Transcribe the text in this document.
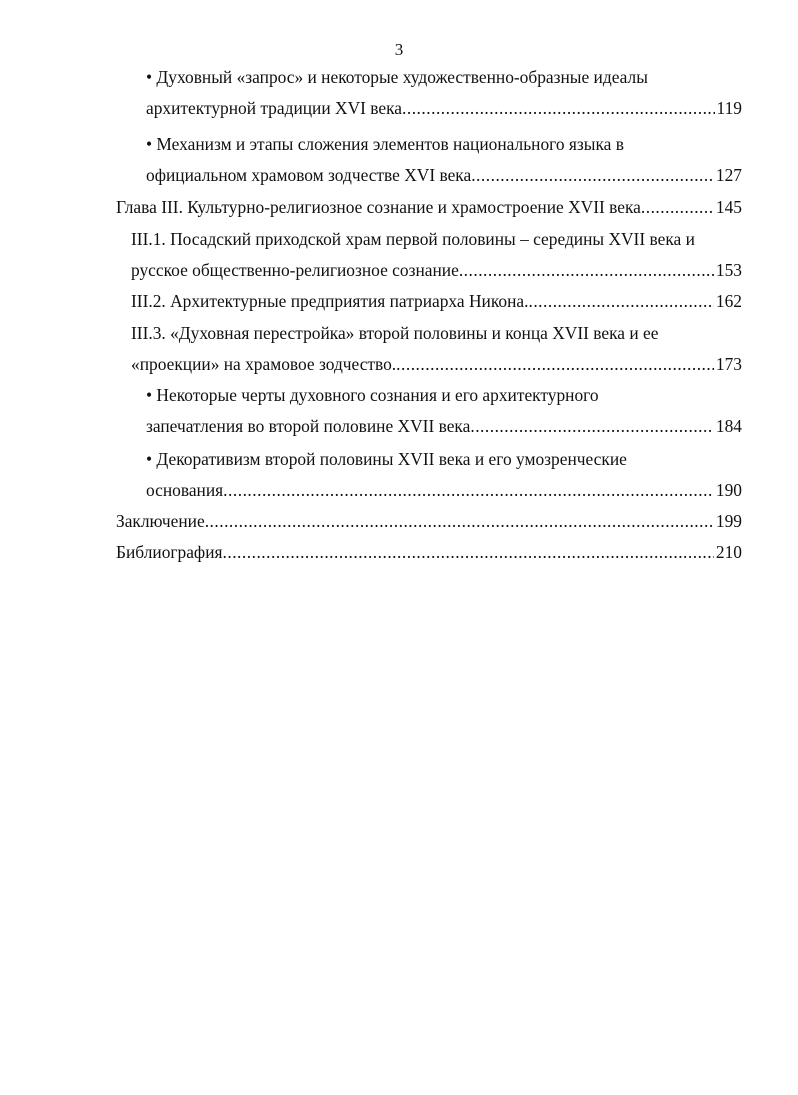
3
• Духовный «запрос» и некоторые художественно-образные идеалы
архитектурной традиции XVI века .....	119
• Механизм и этапы сложения элементов национального языка в
официальном храмовом зодчестве XVI века .....	127
Глава III. Культурно-религиозное сознание и храмостроение XVII века .....	145
III.1. Посадский приходской храм первой половины – середины XVII века и
русское общественно-религиозное сознание .....	153
III.2. Архитектурные предприятия патриарха Никона. .....	162
III.3. «Духовная перестройка» второй половины и конца XVII века и ее
«проекции» на храмовое зодчество. .....	173
• Некоторые черты духовного сознания и его архитектурного
запечатления во второй половине XVII века .....	184
• Декоративизм второй половины XVII века и его умозренческие
основания .....	190
Заключение .....	199
Библиография .....	210
